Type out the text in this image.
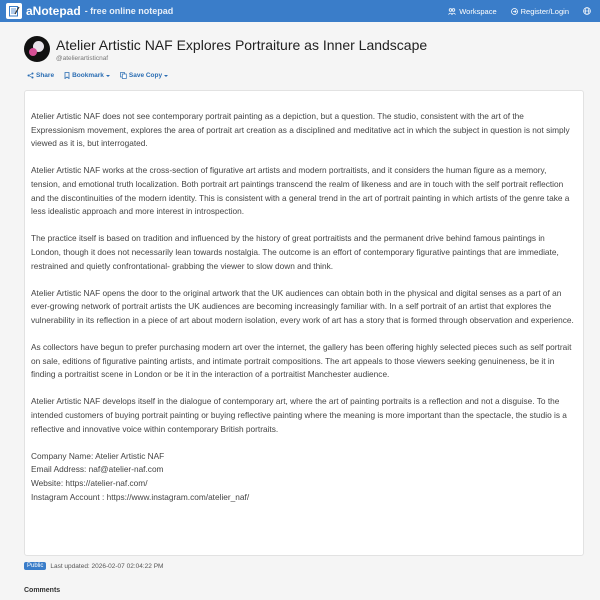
aNotepad - free online notepad	Workspace	Register/Login
Atelier Artistic NAF Explores Portraiture as Inner Landscape
@atelierartisticnaf
Share	Bookmark	Save Copy

Atelier Artistic NAF does not see contemporary portrait painting as a depiction, but a question. The studio, consistent with the art of the Expressionism movement, explores the area of portrait art creation as a disciplined and meditative act in which the subject in question is not simply viewed as it is, but interrogated.

Atelier Artistic NAF works at the cross-section of figurative art artists and modern portraitists, and it considers the human figure as a memory, tension, and emotional truth localization. Both portrait art paintings transcend the realm of likeness and are in touch with the self portrait reflection and the discontinuities of the modern identity. This is consistent with a general trend in the art of portrait painting in which artists of the genre take a less idealistic approach and more interest in introspection.

The practice itself is based on tradition and influenced by the history of great portraitists and the permanent drive behind famous paintings in London, though it does not necessarily lean towards nostalgia. The outcome is an effort of contemporary figurative paintings that are immediate, restrained and quietly confrontational- grabbing the viewer to slow down and think.

Atelier Artistic NAF opens the door to the original artwork that the UK audiences can obtain both in the physical and digital senses as a part of an ever-growing network of portrait artists the UK audiences are becoming increasingly familiar with. In a self portrait of an artist that explores the vulnerability in its reflection in a piece of art about modern isolation, every work of art has a story that is formed through observation and experience.

As collectors have begun to prefer purchasing modern art over the internet, the gallery has been offering highly selected pieces such as self portrait on sale, editions of figurative painting artists, and intimate portrait compositions. The art appeals to those viewers seeking genuineness, be it in finding a portraitist scene in London or be it in the interaction of a portraitist Manchester audience.

Atelier Artistic NAF develops itself in the dialogue of contemporary art, where the art of painting portraits is a reflection and not a disguise. To the intended customers of buying portrait painting or buying reflective painting where the meaning is more important than the spectacle, the studio is a reflective and innovative voice within contemporary British portraits.

Company Name: Atelier Artistic NAF
Email Address: naf@atelier-naf.com
Website: https://atelier-naf.com/
Instagram Account : https://www.instagram.com/atelier_naf/

Public	Last updated: 2026-02-07 02:04:22 PM
Comments
